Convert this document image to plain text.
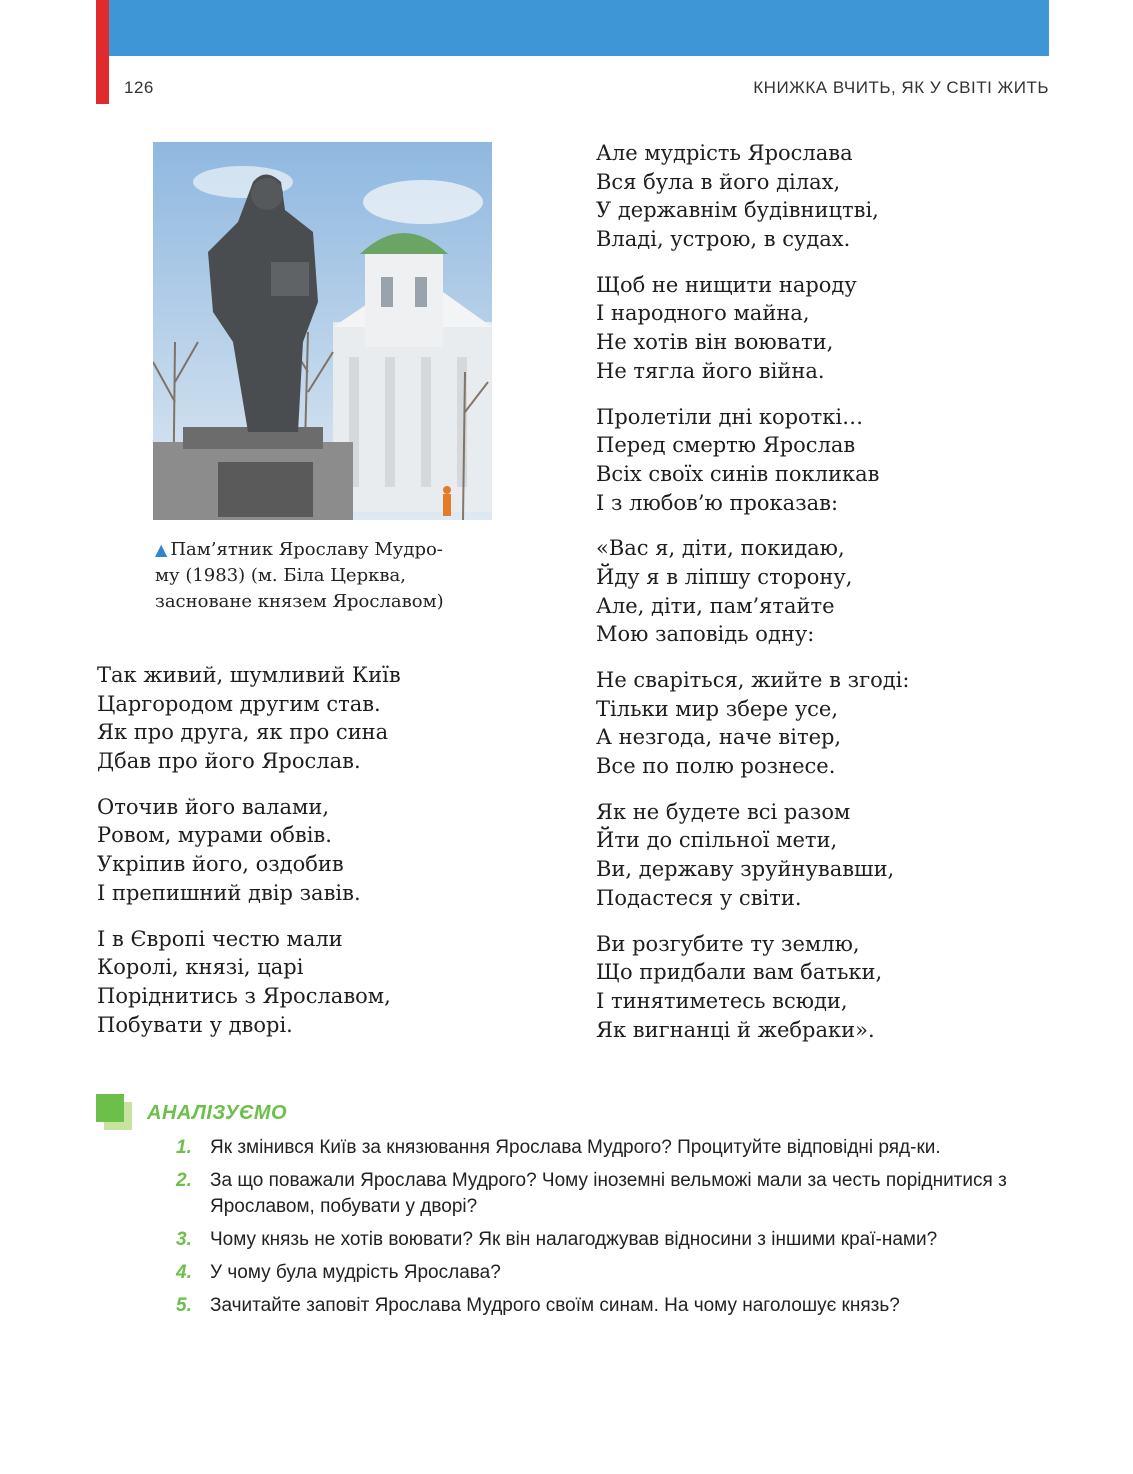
126	КНИЖКА ВЧИТЬ, ЯК У СВІТІ ЖИТЬ
▲ Пам’ятник Ярославу Мудро-
му (1983) (м. Біла Церква,
засноване князем Ярославом)
Так живий, шумливий Київ
Царгородом другим став.
Як про друга, як про сина
Дбав про його Ярослав.
Оточив його валами,
Ровом, мурами обвів.
Укріпив його, оздобив
І препишний двір завів.
І в Європі честю мали
Королі, князі, царі
Поріднитись з Ярославом,
Побувати у дворі.
Але мудрість Ярослава
Вся була в його ділах,
У державнім будівництві,
Владі, устрою, в судах.
Щоб не нищити народу
І народного майна,
Не хотів він воювати,
Не тягла його війна.
Пролетіли дні короткі…
Перед смертю Ярослав
Всіх своїх синів покликав
І з любов’ю проказав:
«Вас я, діти, покидаю,
Йду я в ліпшу сторону,
Але, діти, пам’ятайте
Мою заповідь одну:
Не сваріться, жийте в згоді:
Тільки мир збере усе,
А незгода, наче вітер,
Все по полю рознесе.
Як не будете всі разом
Йти до спільної мети,
Ви, державу зруйнувавши,
Подастеся у світи.
Ви розгубите ту землю,
Що придбали вам батьки,
І тинятиметесь всюди,
Як вигнанці й жебраки».
АНАЛІЗУЄМО
1. Як змінився Київ за князювання Ярослава Мудрого? Процитуйте відповідні ряд-ки.
2. За що поважали Ярослава Мудрого? Чому іноземні вельможі мали за честь поріднитися з Ярославом, побувати у дворі?
3. Чому князь не хотів воювати? Як він налагоджував відносини з іншими краї-нами?
4. У чому була мудрість Ярослава?
5. Зачитайте заповіт Ярослава Мудрого своїм синам. На чому наголошує князь?
